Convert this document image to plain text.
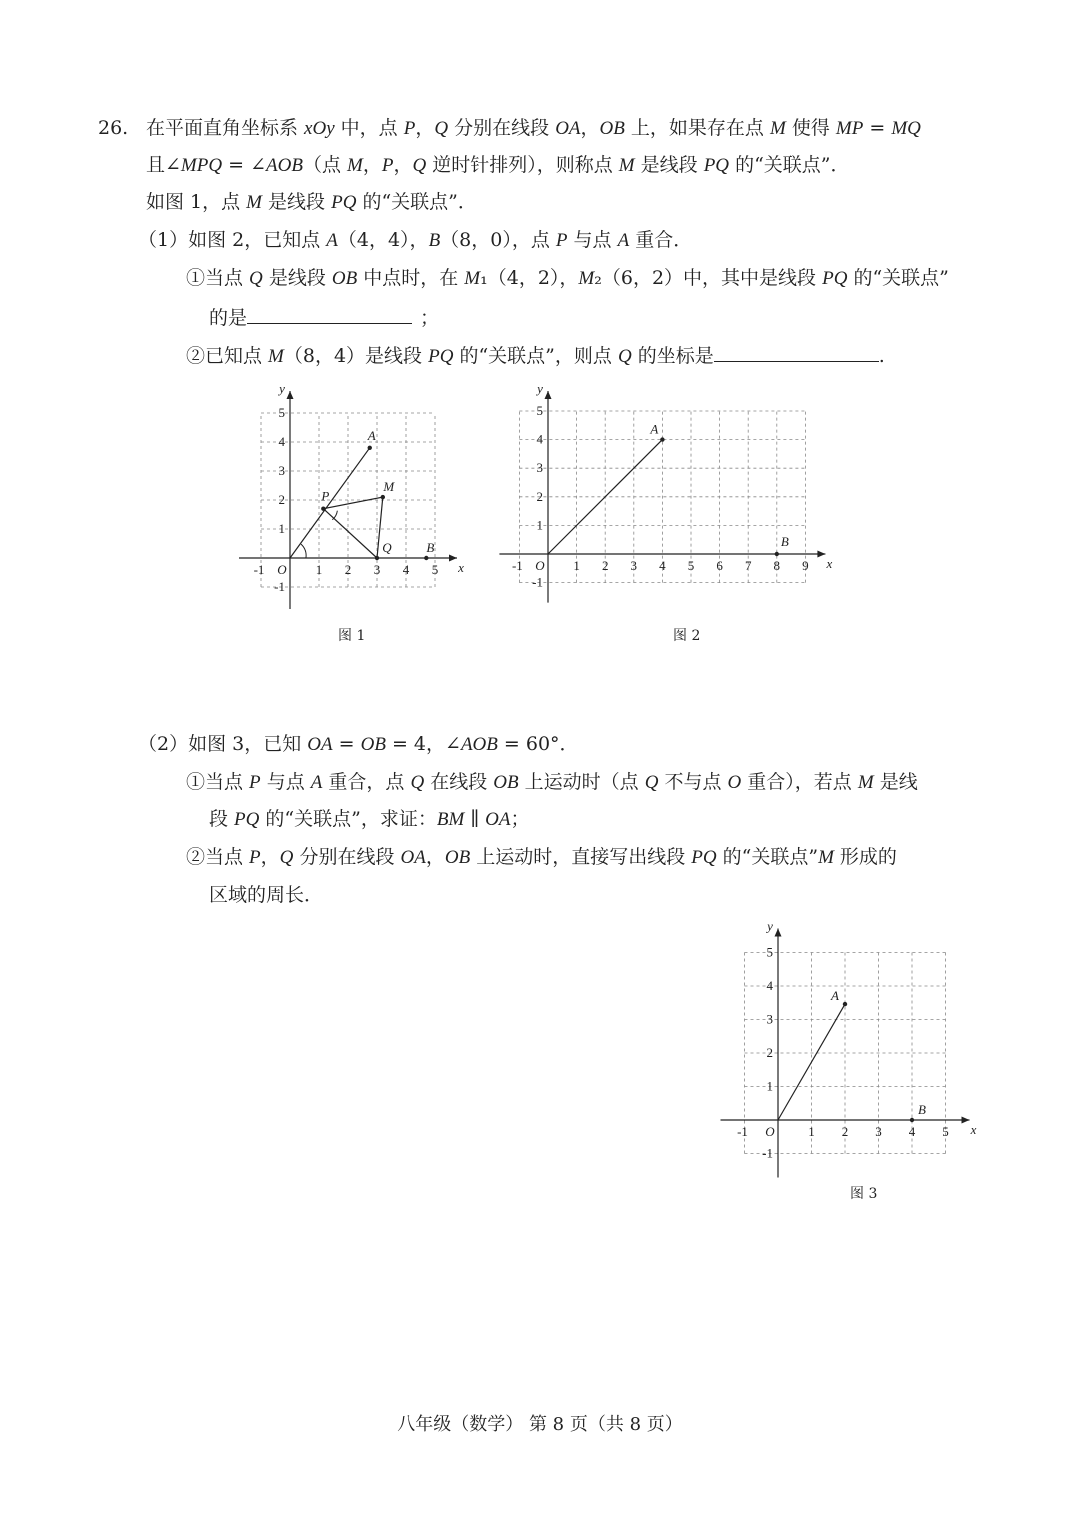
26. 在平面直角坐标系 xOy 中，点 P，Q 分别在线段 OA，OB 上，如果存在点 M 使得 MP = MQ
且∠MPQ = ∠AOB（点 M，P，Q 逆时针排列），则称点 M 是线段 PQ 的“关联点”．
如图 1，点 M 是线段 PQ 的“关联点”．
（1）如图 2，已知点 A（4，4），B（8，0），点 P 与点 A 重合．
①当点 Q 是线段 OB 中点时，在 M₁（4，2），M₂（6，2）中，其中是线段 PQ 的“关联点”
的是	；
②已知点 M（8，4）是线段 PQ 的“关联点”，则点 Q 的坐标是	.
x
y
-1 O 1 2 3 4 5
5
4
3
2
1
-1
A
P
M
Q	B
图 1
x
y
-1 O 1 2 3 4 5 6 7 8 9
5
4
3
2
1
-1
A
B
图 2
（2）如图 3，已知 OA = OB = 4，∠AOB = 60°．
①当点 P 与点 A 重合，点 Q 在线段 OB 上运动时（点 Q 不与点 O 重合），若点 M 是线
段 PQ 的“关联点”，求证：BM ∥ OA；
②当点 P，Q 分别在线段 OA，OB 上运动时，直接写出线段 PQ 的“关联点”M 形成的
区域的周长．
x
y
-1 O	1 2 3 4 5
5
4
3
2
1
-1
A
B
图 3
八年级（数学） 第 8 页（共 8 页）
